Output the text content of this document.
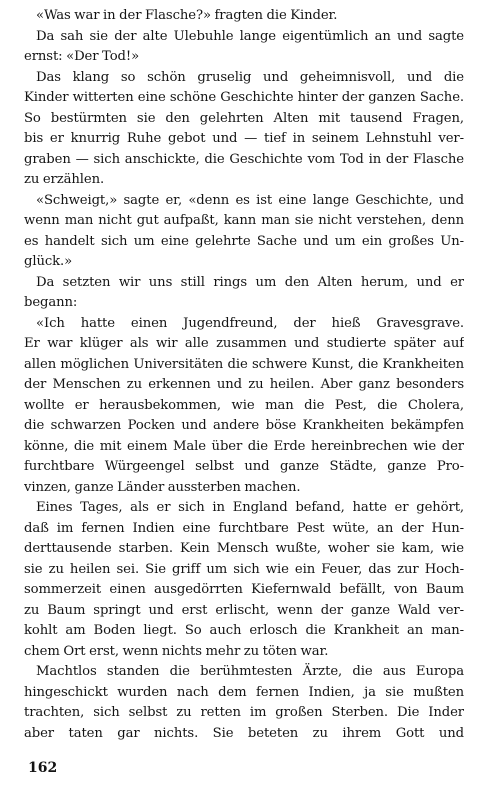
«Was war in der Flasche?» fragten die Kinder.
Da sah sie der alte Ulebuhle lange eigentümlich an und sagte
ernst: «Der Tod!»
Das klang so schön gruselig und geheimnisvoll, und die
Kinder witterten eine schöne Geschichte hinter der ganzen Sache.
So bestürmten sie den gelehrten Alten mit tausend Fragen,
bis er knurrig Ruhe gebot und — tief in seinem Lehnstuhl ver-
graben — sich anschickte, die Geschichte vom Tod in der Flasche
zu erzählen.
«Schweigt,» sagte er, «denn es ist eine lange Geschichte, und
wenn man nicht gut aufpaßt, kann man sie nicht verstehen, denn
es handelt sich um eine gelehrte Sache und um ein großes Un-
glück.»
Da setzten wir uns still rings um den Alten herum, und er
begann:
«Ich hatte einen Jugendfreund, der hieß Gravesgrave.
Er war klüger als wir alle zusammen und studierte später auf
allen möglichen Universitäten die schwere Kunst, die Krankheiten
der Menschen zu erkennen und zu heilen. Aber ganz besonders
wollte er herausbekommen, wie man die Pest, die Cholera,
die schwarzen Pocken und andere böse Krankheiten bekämpfen
könne, die mit einem Male über die Erde hereinbrechen wie der
furchtbare Würgeengel selbst und ganze Städte, ganze Pro-
vinzen, ganze Länder aussterben machen.
Eines Tages, als er sich in England befand, hatte er gehört,
daß im fernen Indien eine furchtbare Pest wüte, an der Hun-
derttausende starben. Kein Mensch wußte, woher sie kam, wie
sie zu heilen sei. Sie griff um sich wie ein Feuer, das zur Hoch-
sommerzeit einen ausgedörrten Kiefernwald befällt, von Baum
zu Baum springt und erst erlischt, wenn der ganze Wald ver-
kohlt am Boden liegt. So auch erlosch die Krankheit an man-
chem Ort erst, wenn nichts mehr zu töten war.
Machtlos standen die berühmtesten Ärzte, die aus Europa
hingeschickt wurden nach dem fernen Indien, ja sie mußten
trachten, sich selbst zu retten im großen Sterben. Die Inder
aber taten gar nichts. Sie beteten zu ihrem Gott und
162
